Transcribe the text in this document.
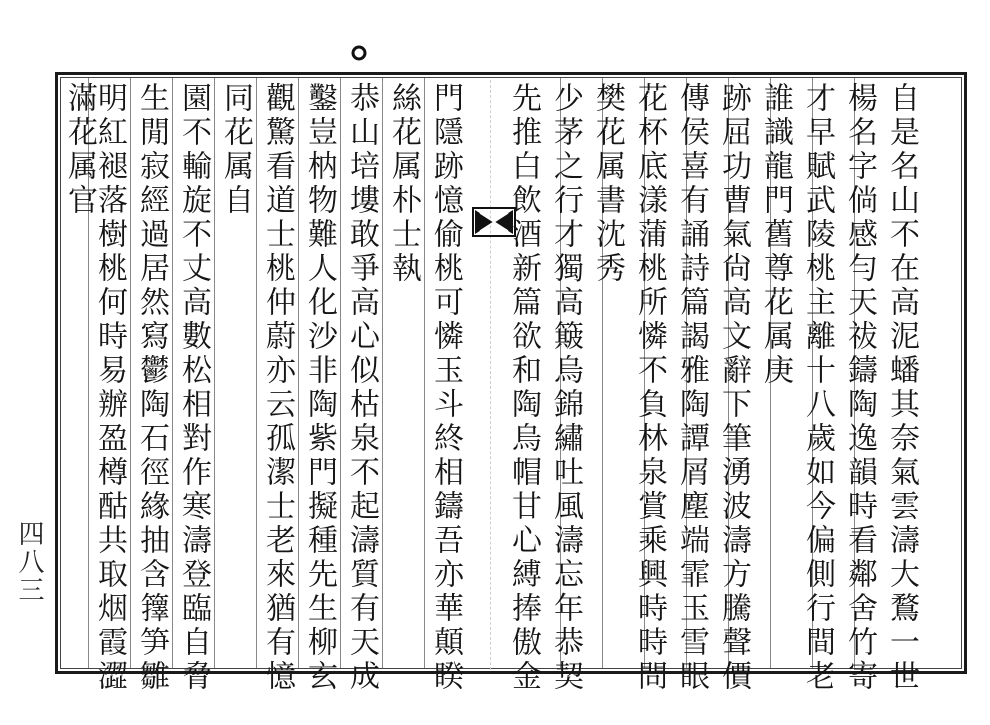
自是名山不在高泥蟠其奈氣雲濤大鶩一世
楊名字倘感勻天祓鑄陶逸韻時看鄰舍竹寄
才早賦武陵桃主離十八歲如今偏側行間老
誰識龍門舊尊花属庚
跡屈功曹氣尙高文辭下筆湧波濤方騰聲價
傳侯喜有誦詩篇謁雅陶譚屑塵端霏玉雪眼
花杯底漾蒲桃所憐不負林泉賞乘興時時問
樊花属書沈秀
少茅之行才獨高簸烏錦繡吐風濤忘年恭契
先推白飲酒新篇欲和陶烏帽甘心縛捧傲金
門隱跡憶偷桃可憐玉斗終相鑄吾亦華顛睽
絲花属朴士執
恭山培塿敢爭高心似枯泉不起濤質有天成
鑿豈枘物難人化沙非陶紫門擬種先生柳玄
觀驚看道士桃仲蔚亦云孤潔士老來猶有憶
同花属自
園不輸旋不丈高數松相對作寒濤登臨自脅
生閒寂經過居然寫鬱陶石徑緣抽含籜笋雛
明紅褪落樹桃何時易辦盈樽酤共取烟霞澀
滿花属官
四八三
